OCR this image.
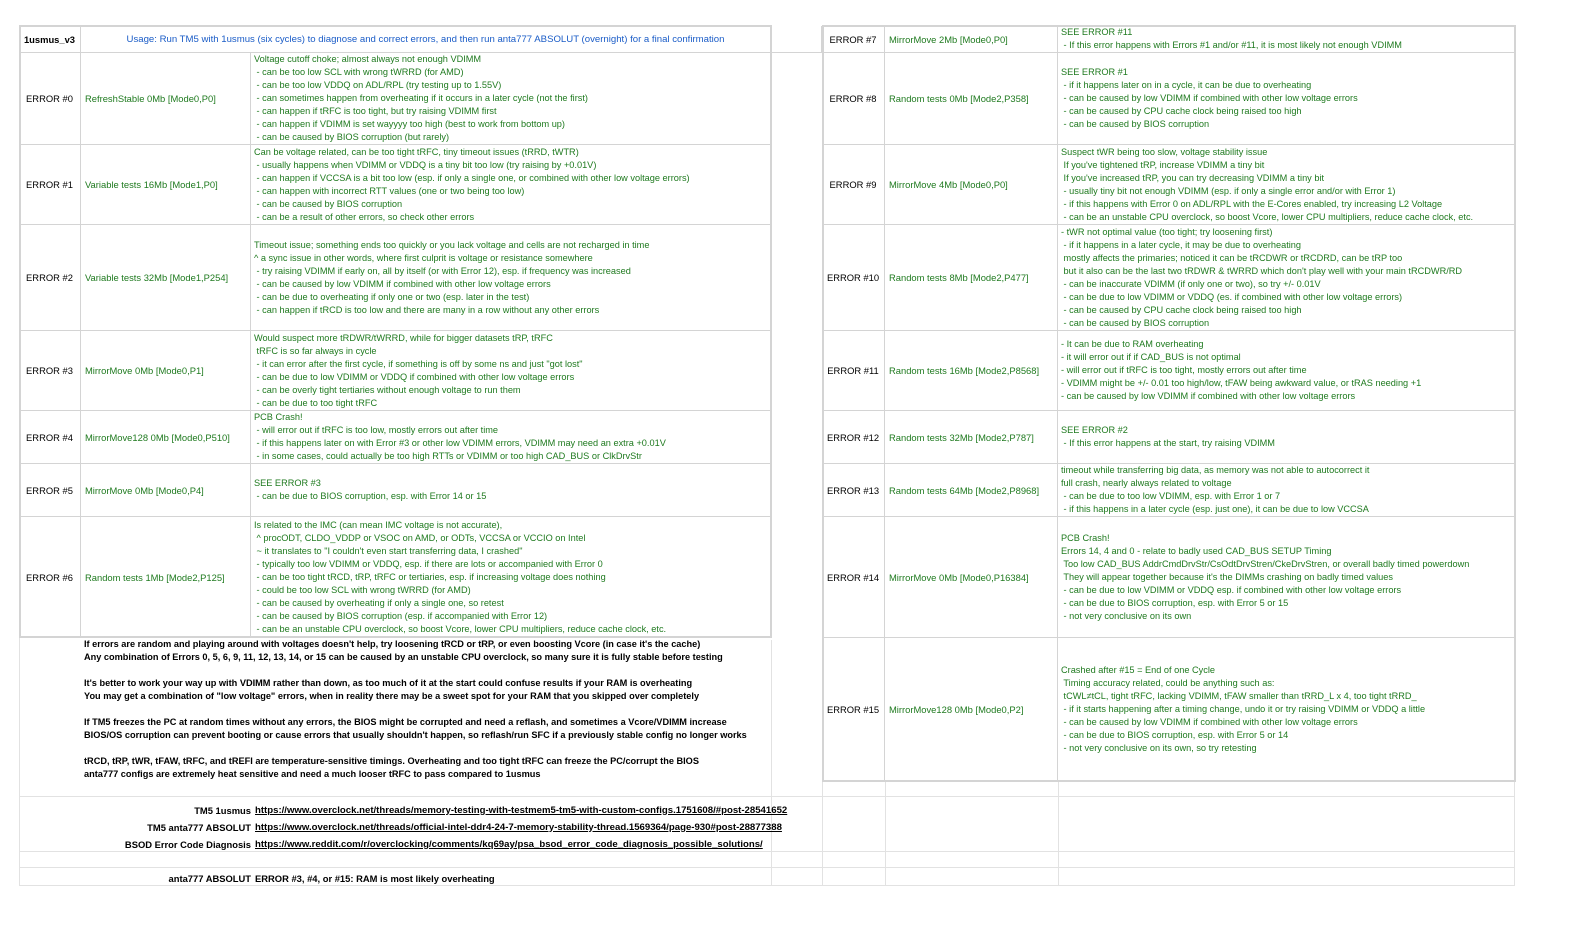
1usmus_v3	Usage: Run TM5 with 1usmus (six cycles) to diagnose and correct errors, and then run anta777 ABSOLUT (overnight) for a final confirmation
ERROR #0	RefreshStable 0Mb [Mode0,P0]
Voltage cutoff choke; almost always not enough VDIMM
- can be too low SCL with wrong tWRRD (for AMD)
- can be too low VDDQ on ADL/RPL (try testing up to 1.55V)
- can sometimes happen from overheating if it occurs in a later cycle (not the first)
- can happen if tRFC is too tight, but try raising VDIMM first
- can happen if VDIMM is set wayyyy too high (best to work from bottom up)
- can be caused by BIOS corruption (but rarely)
ERROR #1	Variable tests 16Mb [Mode1,P0]
Can be voltage related, can be too tight tRFC, tiny timeout issues (tRRD, tWTR)
- usually happens when VDIMM or VDDQ is a tiny bit too low (try raising by +0.01V)
- can happen if VCCSA is a bit too low (esp. if only a single one, or combined with other low voltage errors)
- can happen with incorrect RTT values (one or two being too low)
- can be caused by BIOS corruption
- can be a result of other errors, so check other errors
ERROR #2	Variable tests 32Mb [Mode1,P254]
Timeout issue; something ends too quickly or you lack voltage and cells are not recharged in time
^ a sync issue in other words, where first culprit is voltage or resistance somewhere
- try raising VDIMM if early on, all by itself (or with Error 12), esp. if frequency was increased
- can be caused by low VDIMM if combined with other low voltage errors
- can be due to overheating if only one or two (esp. later in the test)
- can happen if tRCD is too low and there are many in a row without any other errors
ERROR #3	MirrorMove 0Mb [Mode0,P1]
Would suspect more tRDWR/tWRRD, while for bigger datasets tRP, tRFC
tRFC is so far always in cycle
- it can error after the first cycle, if something is off by some ns and just "got lost"
- can be due to low VDIMM or VDDQ if combined with other low voltage errors
- can be overly tight tertiaries without enough voltage to run them
- can be due to too tight tRFC
ERROR #4	MirrorMove128 0Mb [Mode0,P510]
PCB Crash!
- will error out if tRFC is too low, mostly errors out after time
- if this happens later on with Error #3 or other low VDIMM errors, VDIMM may need an extra +0.01V
- in some cases, could actually be too high RTTs or VDIMM or too high CAD_BUS or ClkDrvStr
ERROR #5	MirrorMove 0Mb [Mode0,P4]
SEE ERROR #3
- can be due to BIOS corruption, esp. with Error 14 or 15
ERROR #6	Random tests 1Mb [Mode2,P125]
Is related to the IMC (can mean IMC voltage is not accurate),
^ procODT, CLDO_VDDP or VSOC on AMD, or ODTs, VCCSA or VCCIO on Intel
~ it translates to "I couldn't even start transferring data, I crashed"
- typically too low VDIMM or VDDQ, esp. if there are lots or accompanied with Error 0
- can be too tight tRCD, tRP, tRFC or tertiaries, esp. if increasing voltage does nothing
- could be too low SCL with wrong tWRRD (for AMD)
- can be caused by overheating if only a single one, so retest
- can be caused by BIOS corruption (esp. if accompanied with Error 12)
- can be an unstable CPU overclock, so boost Vcore, lower CPU multipliers, reduce cache clock, etc.
ERROR #7	MirrorMove 2Mb [Mode0,P0]
SEE ERROR #11
- If this error happens with Errors #1 and/or #11, it is most likely not enough VDIMM
ERROR #8	Random tests 0Mb [Mode2,P358]
SEE ERROR #1
- if it happens later on in a cycle, it can be due to overheating
- can be caused by low VDIMM if combined with other low voltage errors
- can be caused by CPU cache clock being raised too high
- can be caused by BIOS corruption
ERROR #9	MirrorMove 4Mb [Mode0,P0]
Suspect tWR being too slow, voltage stability issue
If you've tightened tRP, increase VDIMM a tiny bit
If you've increased tRP, you can try decreasing VDIMM a tiny bit
- usually tiny bit not enough VDIMM (esp. if only a single error and/or with Error 1)
- if this happens with Error 0 on ADL/RPL with the E-Cores enabled, try increasing L2 Voltage
- can be an unstable CPU overclock, so boost Vcore, lower CPU multipliers, reduce cache clock, etc.
ERROR #10	Random tests 8Mb [Mode2,P477]
- tWR not optimal value (too tight; try loosening first)
- if it happens in a later cycle, it may be due to overheating
mostly affects the primaries; noticed it can be tRCDWR or tRCDRD, can be tRP too
but it also can be the last two tRDWR & tWRRD which don't play well with your main tRCDWR/RD
- can be inaccurate VDIMM (if only one or two), so try +/- 0.01V
- can be due to low VDIMM or VDDQ (es. if combined with other low voltage errors)
- can be caused by CPU cache clock being raised too high
- can be caused by BIOS corruption
ERROR #11	Random tests 16Mb [Mode2,P8568]
- It can be due to RAM overheating
- it will error out if if CAD_BUS is not optimal
- will error out if tRFC is too tight, mostly errors out after time
- VDIMM might be +/- 0.01 too high/low, tFAW being awkward value, or tRAS needing +1
- can be caused by low VDIMM if combined with other low voltage errors
ERROR #12	Random tests 32Mb [Mode2,P787]
SEE ERROR #2
- If this error happens at the start, try raising VDIMM
ERROR #13	Random tests 64Mb [Mode2,P8968]
timeout while transferring big data, as memory was not able to autocorrect it
full crash, nearly always related to voltage
- can be due to too low VDIMM, esp. with Error 1 or 7
- if this happens in a later cycle (esp. just one), it can be due to low VCCSA
ERROR #14	MirrorMove 0Mb [Mode0,P16384]
PCB Crash!
Errors 14, 4 and 0 - relate to badly used CAD_BUS SETUP Timing
Too low CAD_BUS AddrCmdDrvStr/CsOdtDrvStren/CkeDrvStren, or overall badly timed powerdown
They will appear together because it's the DIMMs crashing on badly timed values
- can be due to low VDIMM or VDDQ esp. if combined with other low voltage errors
- can be due to BIOS corruption, esp. with Error 5 or 15
- not very conclusive on its own
ERROR #15	MirrorMove128 0Mb [Mode0,P2]
Crashed after #15 = End of one Cycle
Timing accuracy related, could be anything such as:
tCWL≠tCL, tight tRFC, lacking VDIMM, tFAW smaller than tRRD_L x 4, too tight tRRD_
- if it starts happening after a timing change, undo it or try raising VDIMM or VDDQ a little
- can be caused by low VDIMM if combined with other low voltage errors
- can be due to BIOS corruption, esp. with Error 5 or 14
- not very conclusive on its own, so try retesting
If errors are random and playing around with voltages doesn't help, try loosening tRCD or tRP, or even boosting Vcore (in case it's the cache)
Any combination of Errors 0, 5, 6, 9, 11, 12, 13, 14, or 15 can be caused by an unstable CPU overclock, so many sure it is fully stable before testing
It's better to work your way up with VDIMM rather than down, as too much of it at the start could confuse results if your RAM is overheating
You may get a combination of "low voltage" errors, when in reality there may be a sweet spot for your RAM that you skipped over completely
If TM5 freezes the PC at random times without any errors, the BIOS might be corrupted and need a reflash, and sometimes a Vcore/VDIMM increase
BIOS/OS corruption can prevent booting or cause errors that usually shouldn't happen, so reflash/run SFC if a previously stable config no longer works
tRCD, tRP, tWR, tFAW, tRFC, and tREFI are temperature-sensitive timings. Overheating and too tight tRFC can freeze the PC/corrupt the BIOS
anta777 configs are extremely heat sensitive and need a much looser tRFC to pass compared to 1usmus
TM5 1usmus https://www.overclock.net/threads/memory-testing-with-testmem5-tm5-with-custom-configs.1751608/#post-28541652
TM5 anta777 ABSOLUT https://www.overclock.net/threads/official-intel-ddr4-24-7-memory-stability-thread.1569364/page-930#post-28877388
BSOD Error Code Diagnosis https://www.reddit.com/r/overclocking/comments/kq69ay/psa_bsod_error_code_diagnosis_possible_solutions/
anta777 ABSOLUT ERROR #3, #4, or #15: RAM is most likely overheating
